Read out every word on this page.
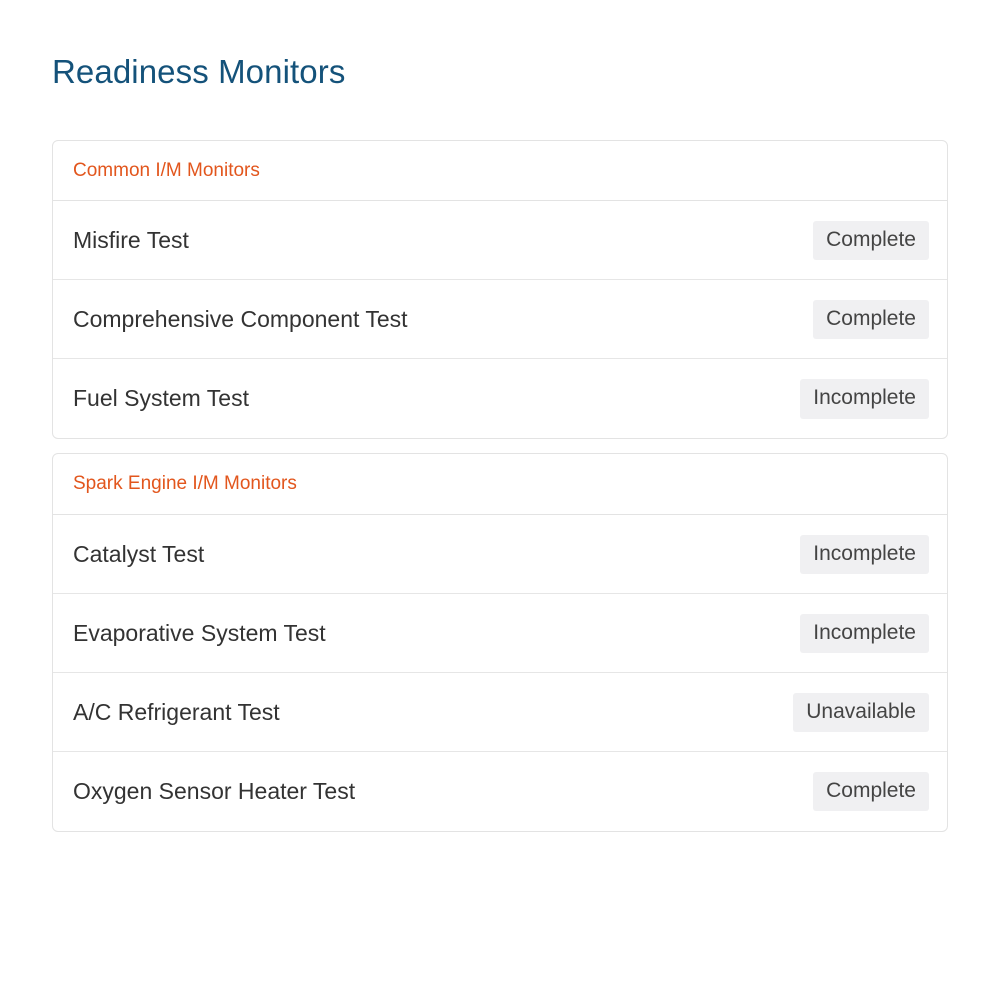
Readiness Monitors
Common I/M Monitors
Misfire Test	Complete
Comprehensive Component Test	Complete
Fuel System Test	Incomplete
Spark Engine I/M Monitors
Catalyst Test	Incomplete
Evaporative System Test	Incomplete
A/C Refrigerant Test	Unavailable
Oxygen Sensor Heater Test	Complete
